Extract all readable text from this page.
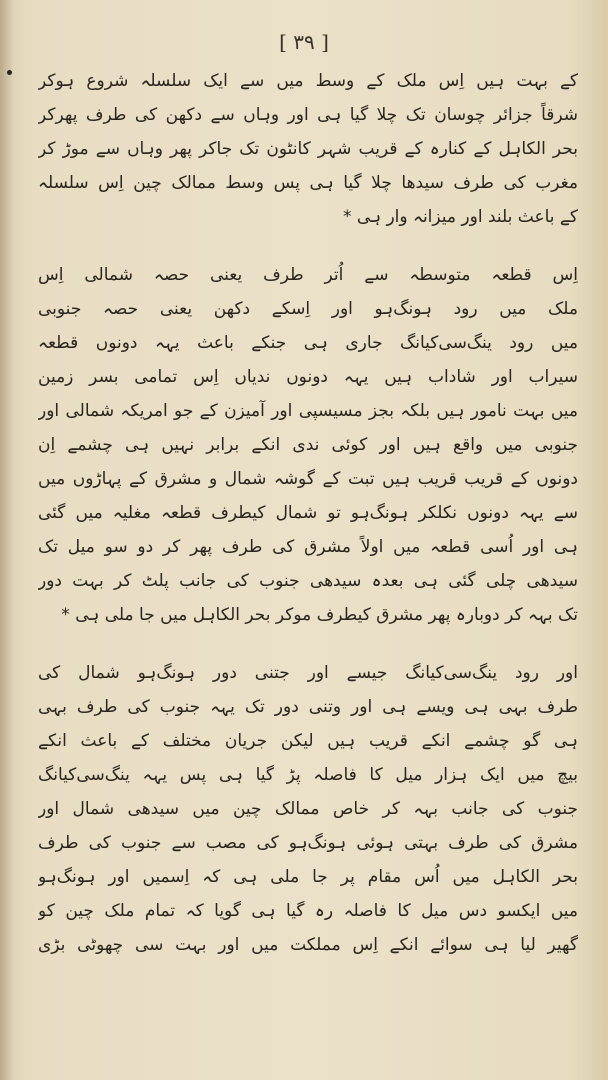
[ ۳۹ ]

کے بہت ہیں اِس ملک کے وسط میں سے ایک سلسلہ شروع ہوکر
شرقاً جزائر چوسان تک چلا گیا ہی اور وہاں سے دکھن کی طرف پھرکر
بحر الکاہل کے کنارہ کے قریب شہر کانٹون تک جاکر پھر وہاں سے موڑ کر
مغرب کی طرف سیدھا چلا گیا ہی پس وسط ممالک چین اِس سلسلہ
کے باعث بلند اور میزانہ وار ہی *

اِس قطعہ متوسطہ سے اُتر طرف یعنی حصہ شمالی اِس
ملک میں رود ہونگ‌ہو اور اِسکے دکھن یعنی حصہ جنوبی
میں رود ینگ‌سی‌کیانگ جاری ہی جنکے باعث یہہ دونوں قطعہ
سیراب اور شاداب ہیں یہہ دونوں ندیاں اِس تمامی بسر زمین
میں بہت نامور ہیں بلکہ بجز مسیسپی اور آمیزن کے جو امریکہ شمالی اور
جنوبی میں واقع ہیں اور کوئی ندی انکے برابر نہیں ہی چشمے اِن
دونوں کے قریب قریب ہیں تبت کے گوشہ شمال و مشرق کے پہاڑوں میں
سے یہہ دونوں نکلکر ہونگ‌ہو تو شمال کیطرف قطعہ مغلیہ میں گئی
ہی اور اُسی قطعہ میں اولاً مشرق کی طرف پھر کر دو سو میل تک
سیدھی چلی گئی ہی بعدہ سیدھی جنوب کی جانب پلٹ کر بہت دور
تک بہہ کر دوبارہ پھر مشرق کیطرف موکر بحر الکاہل میں جا ملی ہی *

اور رود ینگ‌سی‌کیانگ جیسے اور جتنی دور ہونگ‌ہو شمال کی
طرف بہی ہی ویسے ہی اور وتنی دور تک یہہ جنوب کی طرف بہی
ہی گو چشمے انکے قریب ہیں لیکن جریان مختلف کے باعث انکے
بیچ میں ایک ہزار میل کا فاصلہ پڑ گیا ہی پس یہہ ینگ‌سی‌کیانگ
جنوب کی جانب بہہ کر خاص ممالک چین میں سیدھی شمال اور
مشرق کی طرف بہتی ہوئی ہونگ‌ہو کی مصب سے جنوب کی طرف
بحر الکاہل میں اُس مقام پر جا ملی ہی کہ اِسمیں اور ہونگ‌ہو
میں ایکسو دس میل کا فاصلہ رہ گیا ہی گویا کہ تمام ملک چین کو
گھیر لیا ہی سوائے انکے اِس مملکت میں اور بہت سی چھوٹی بڑی
